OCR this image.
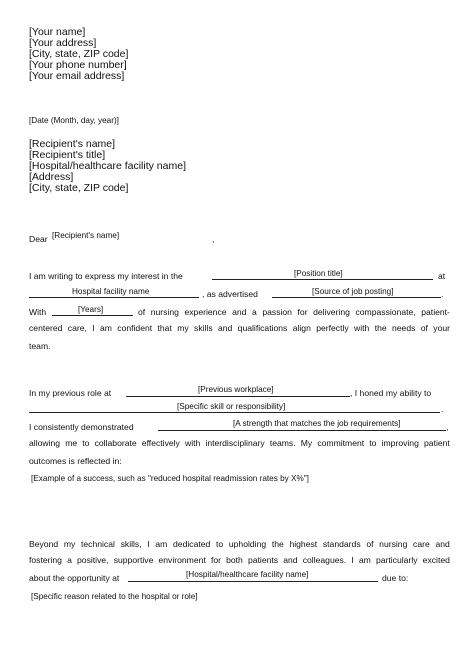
[Your name]
[Your address]
[City, state, ZIP code]
[Your phone number]
[Your email address]
[Date (Month, day, year)]
[Recipient's name]
[Recipient's title]
[Hospital/healthcare facility name]
[Address]
[City, state, ZIP code]
Dear [Recipient's name]	,
I am writing to express my interest in the	[Position title]	at
Hospital facility name	, as advertised	[Source of job posting]	.
With	[Years]	of nursing experience and a passion for delivering compassionate, patient-
centered care, I am confident that my skills and qualifications align perfectly with the needs of your
team.
In my previous role at	[Previous workplace]	, I honed my ability to
[Specific skill or responsibility]	.
I consistently demonstrated	[A strength that matches the job requirements]	,
allowing me to collaborate effectively with interdisciplinary teams. My commitment to improving patient
outcomes is reflected in:
[Example of a success, such as "reduced hospital readmission rates by X%"]
Beyond my technical skills, I am dedicated to upholding the highest standards of nursing care and
fostering a positive, supportive environment for both patients and colleagues. I am particularly excited
about the opportunity at	[Hospital/healthcare facility name]	due to:
[Specific reason related to the hospital or role]
